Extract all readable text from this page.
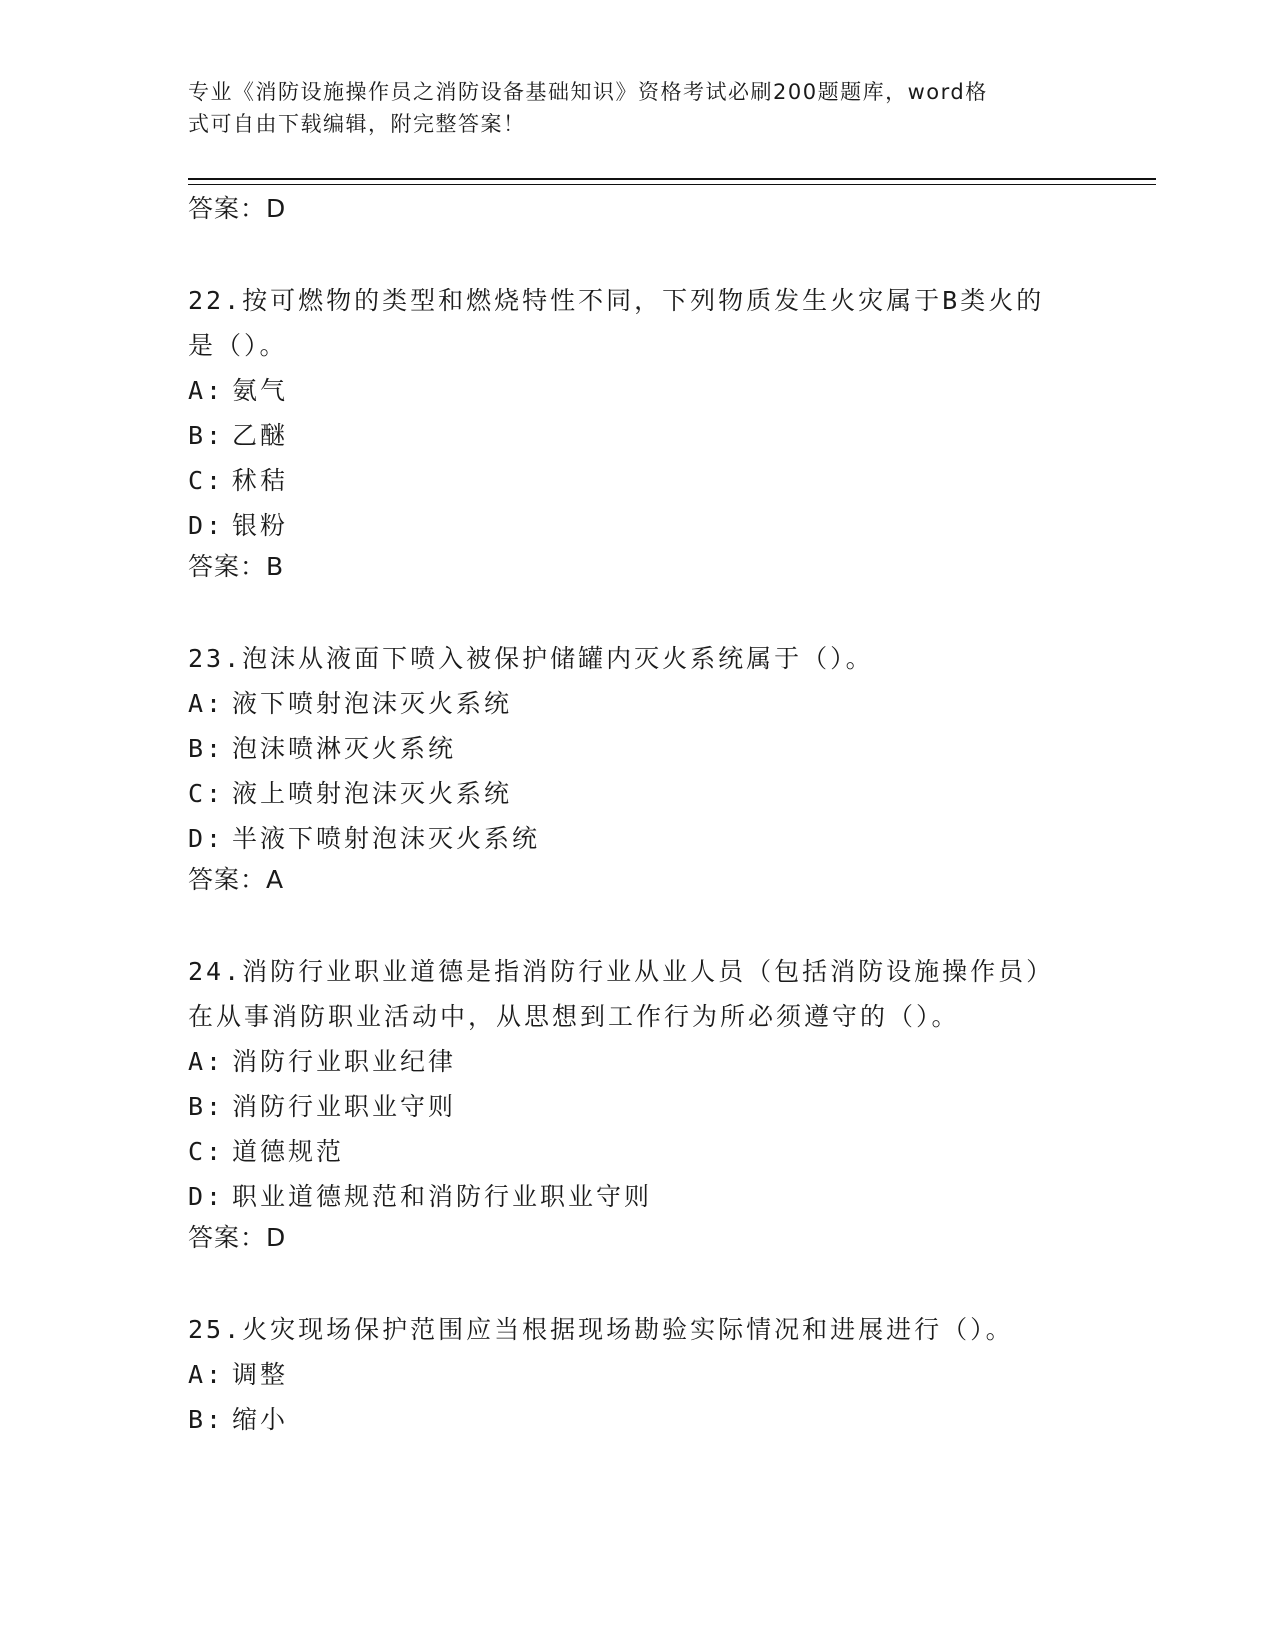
专业《消防设施操作员之消防设备基础知识》资格考试必刷200题题库，word格
式可自由下载编辑，附完整答案！

答案：D

22.按可燃物的类型和燃烧特性不同，下列物质发生火灾属于B类火的

是（）。

A: 氨气

B: 乙醚

C: 秫秸

D: 银粉

答案：B

23.泡沫从液面下喷入被保护储罐内灭火系统属于（）。

A: 液下喷射泡沫灭火系统

B: 泡沫喷淋灭火系统

C: 液上喷射泡沫灭火系统

D: 半液下喷射泡沫灭火系统

答案：A

24.消防行业职业道德是指消防行业从业人员（包括消防设施操作员）

在从事消防职业活动中，从思想到工作行为所必须遵守的（）。

A: 消防行业职业纪律

B: 消防行业职业守则

C: 道德规范

D: 职业道德规范和消防行业职业守则

答案：D

25.火灾现场保护范围应当根据现场勘验实际情况和进展进行（）。

A: 调整

B: 缩小
